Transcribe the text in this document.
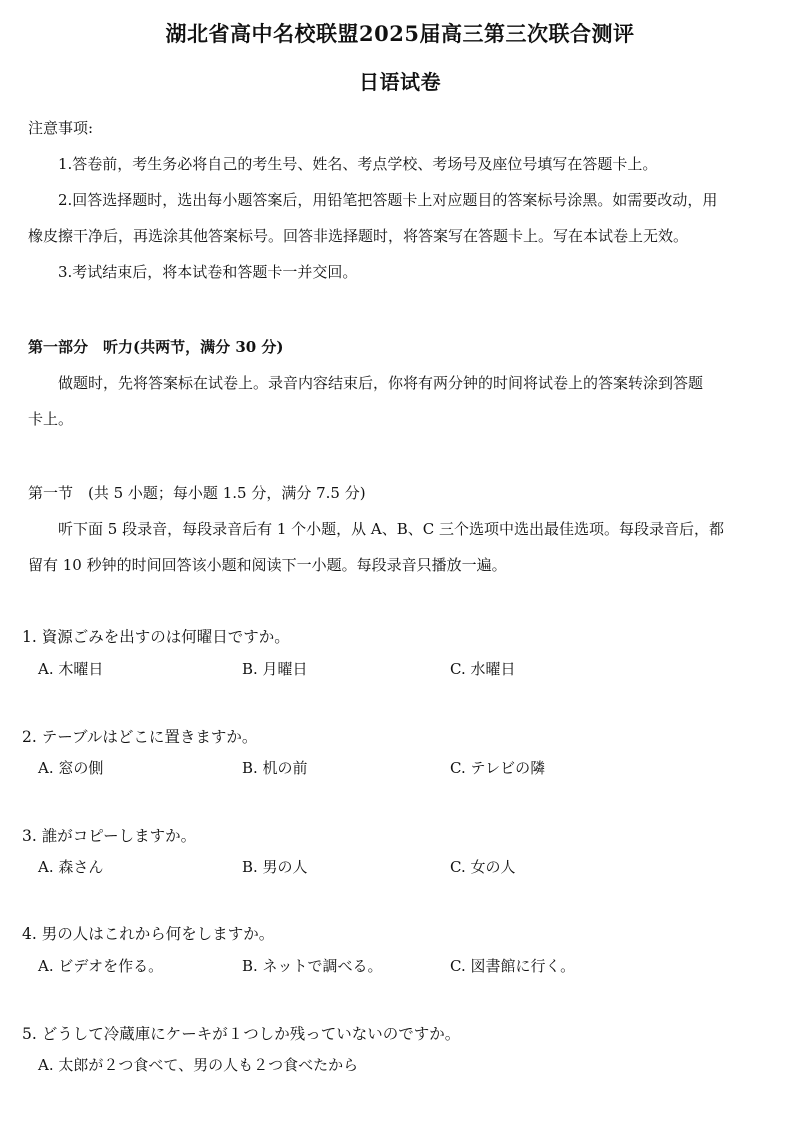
湖北省高中名校联盟2025届高三第三次联合测评
日语试卷
注意事项:
1.答卷前，考生务必将自己的考生号、姓名、考点学校、考场号及座位号填写在答题卡上。
2.回答选择题时，选出每小题答案后，用铅笔把答题卡上对应题目的答案标号涂黑。如需要改动，用
橡皮擦干净后，再选涂其他答案标号。回答非选择题时，将答案写在答题卡上。写在本试卷上无效。
3.考试结束后，将本试卷和答题卡一并交回。
第一部分　听力(共两节，满分 30 分)
做题时，先将答案标在试卷上。录音内容结束后，你将有两分钟的时间将试卷上的答案转涂到答题
卡上。
第一节　(共 5 小题；每小题 1.5 分，满分 7.5 分)
听下面 5 段录音，每段录音后有 1 个小题，从 A、B、C 三个选项中选出最佳选项。每段录音后，都
留有 10 秒钟的时间回答该小题和阅读下一小题。每段录音只播放一遍。
1. 資源ごみを出すのは何曜日ですか。
A. 木曜日	B. 月曜日	C. 水曜日
2. テーブルはどこに置きますか。
A. 窓の側	B. 机の前	C. テレビの隣
3. 誰がコピーしますか。
A. 森さん	B. 男の人	C. 女の人
4. 男の人はこれから何をしますか。
A. ビデオを作る。	B. ネットで調べる。	C. 図書館に行く。
5. どうして冷蔵庫にケーキが１つしか残っていないのですか。
A. 太郎が２つ食べて、男の人も２つ食べたから
